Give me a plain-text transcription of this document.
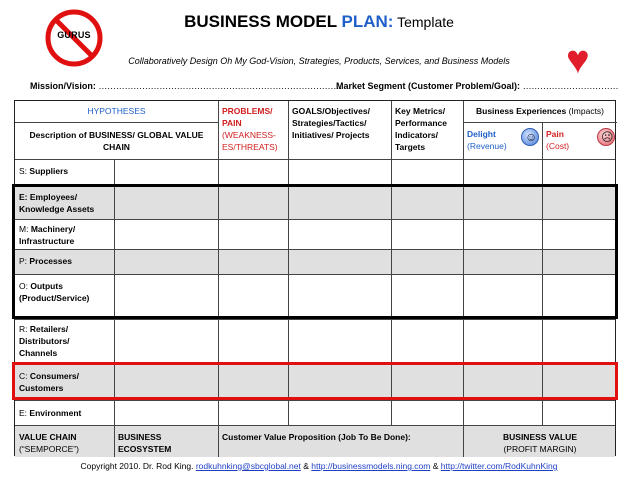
GURUS
♥
BUSINESS MODEL PLAN: Template
Collaboratively Design Oh My God-Vision, Strategies, Products, Services, and Business Models
Mission/Vision: …………………………………………………………………………
Market Segment (Customer Problem/Goal): ……………………………
HYPOTHESES
Description of BUSINESS/ GLOBAL VALUE CHAIN
PROBLEMS/ PAIN
(WEAKNESS-ES/THREATS)
GOALS/Objectives/ Strategies/Tactics/ Initiatives/ Projects
Key Metrics/ Performance Indicators/ Targets
Business Experiences (Impacts)
Delight
(Revenue)
☺	Pain
(Cost)
☹
S: Suppliers
E: Employees/ Knowledge Assets
M: Machinery/ Infrastructure
P: Processes
O: Outputs (Product/Service)
R: Retailers/ Distributors/ Channels
C: Consumers/ Customers
E: Environment
VALUE CHAIN
(“SEMPORCE”)
BUSINESS ECOSYSTEM
Customer Value Proposition (Job To Be Done):	BUSINESS VALUE
(PROFIT MARGIN)
Copyright 2010. Dr. Rod King. rodkuhnking@sbcglobal.net & http://businessmodels.ning.com & http://twitter.com/RodKuhnKing
